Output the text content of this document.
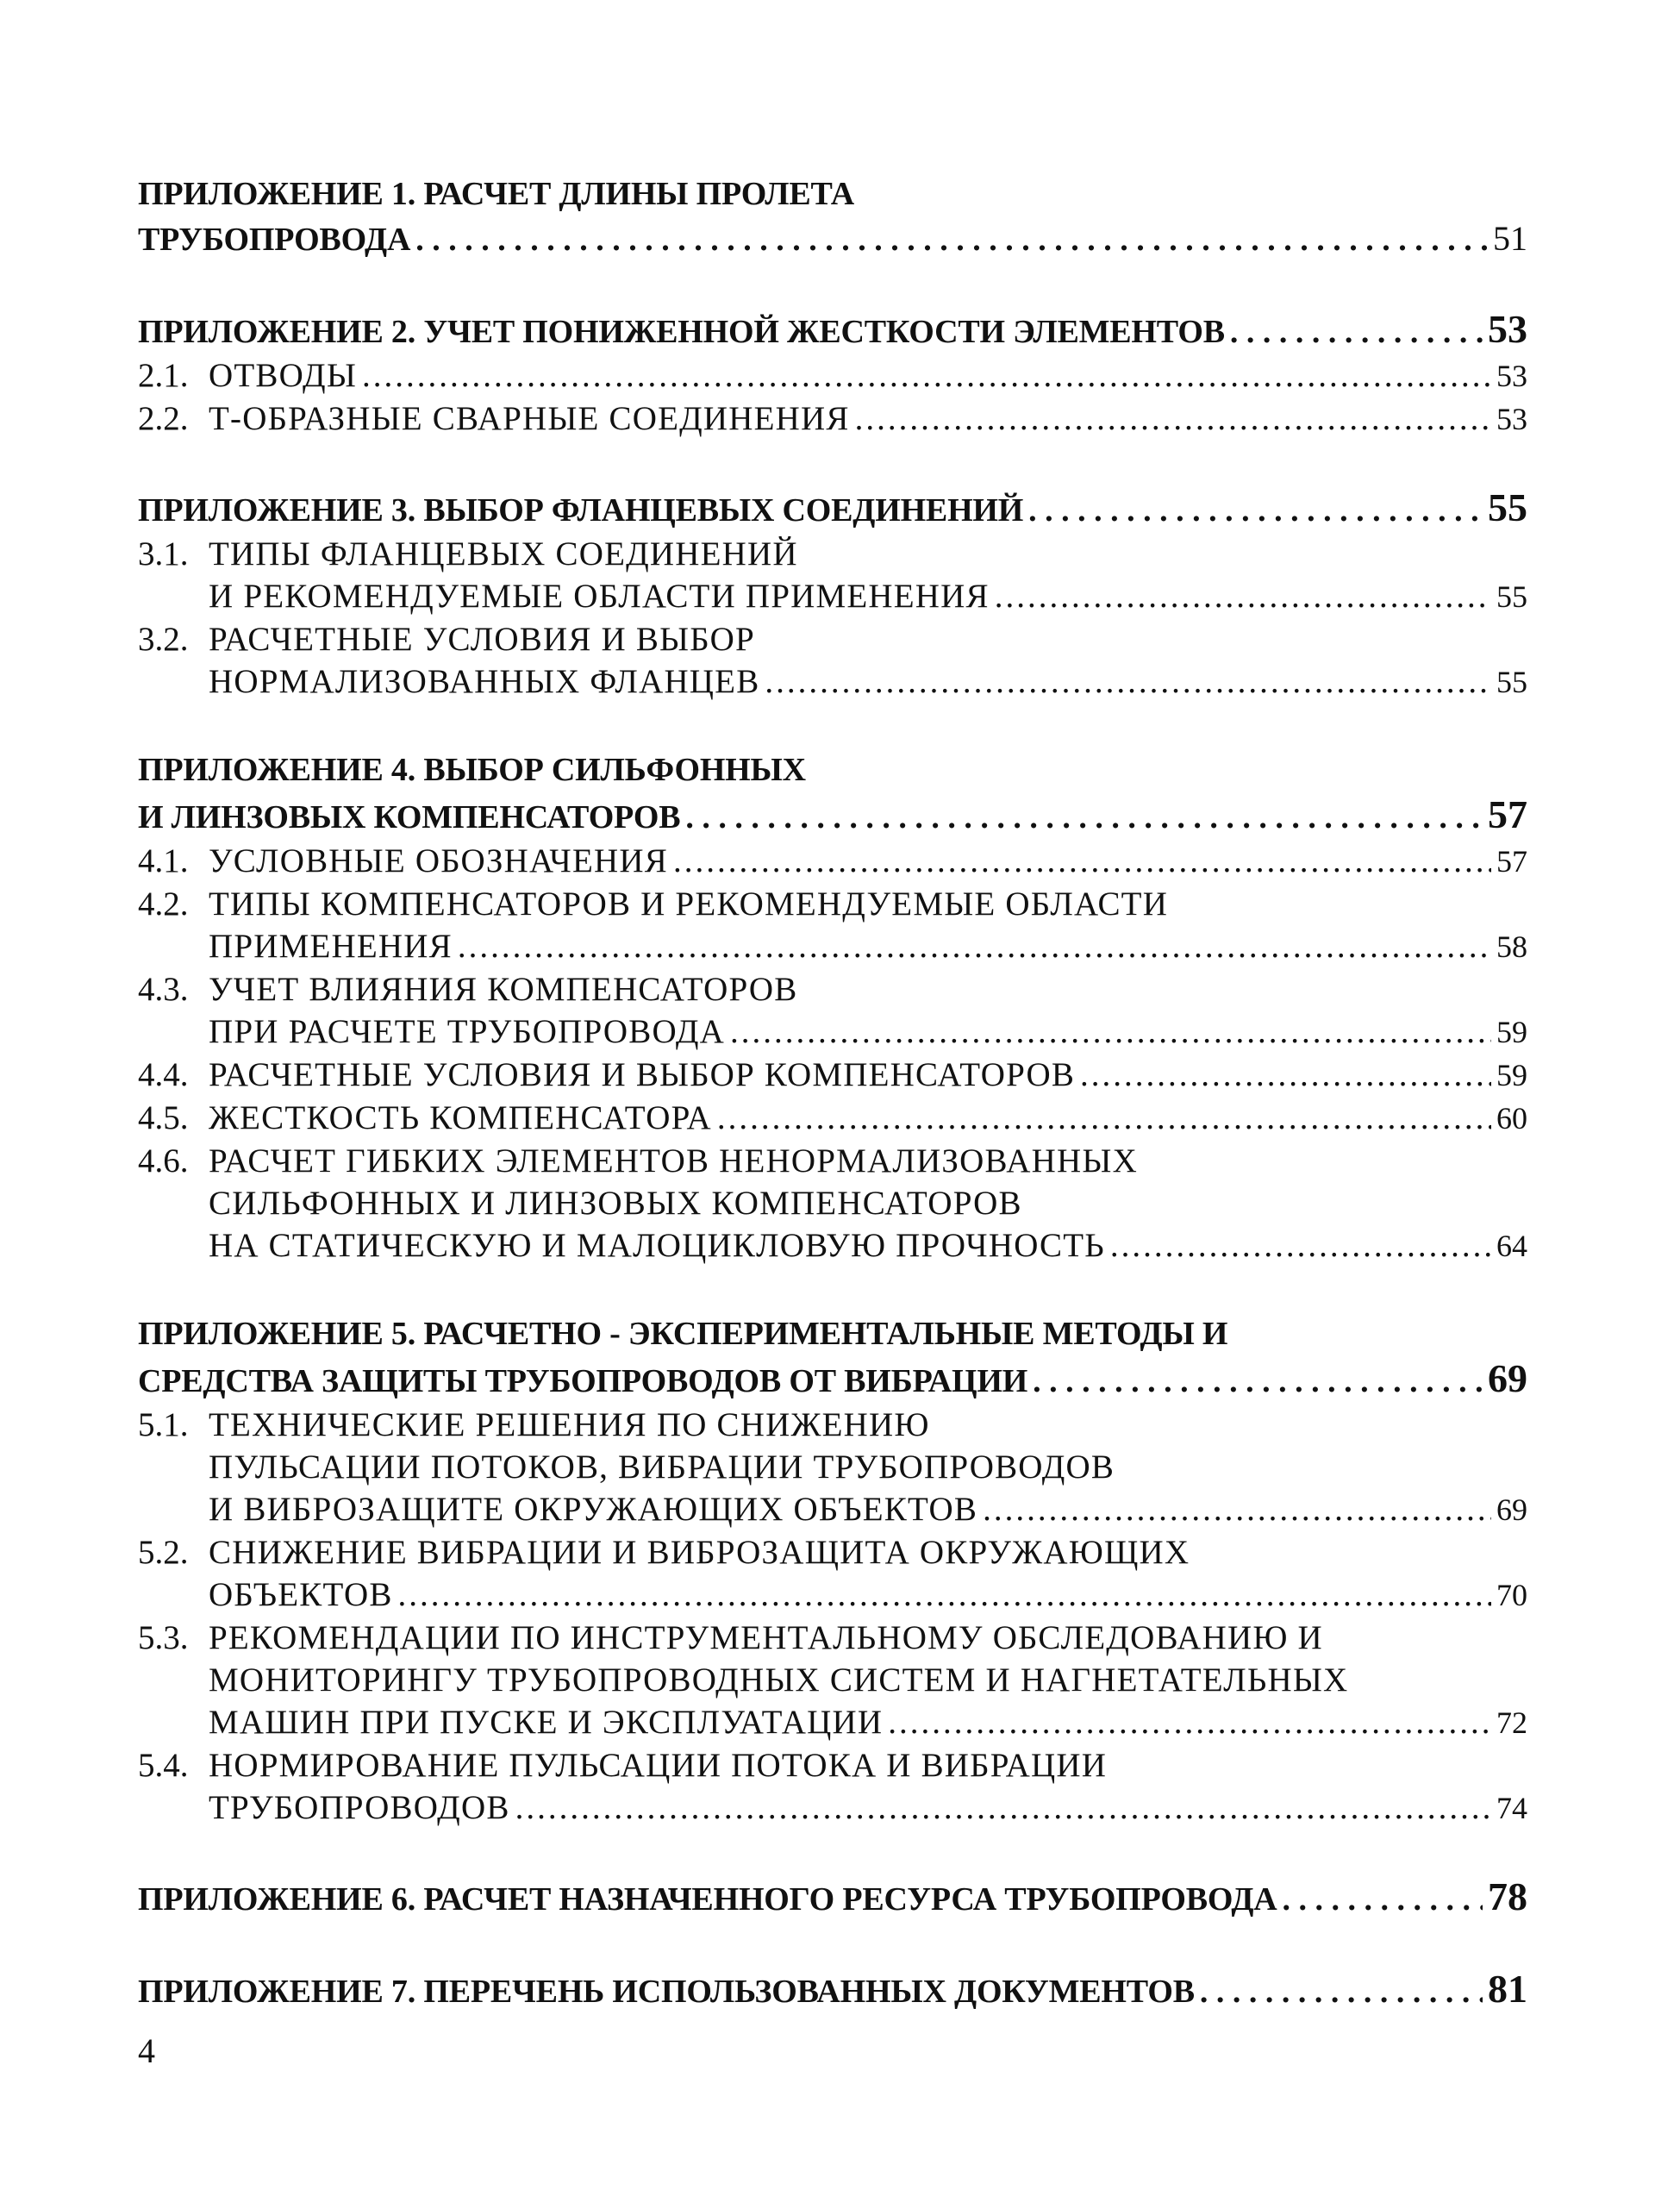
ПРИЛОЖЕНИЕ 1. РАСЧЕТ ДЛИНЫ ПРОЛЕТА
ТРУБОПРОВОДА . . .	51
ПРИЛОЖЕНИЕ 2. УЧЕТ ПОНИЖЕННОЙ ЖЕСТКОСТИ ЭЛЕМЕНТОВ . . .	53
2.1. ОТВОДЫ .....	53
2.2. Т-ОБРАЗНЫЕ СВАРНЫЕ СОЕДИНЕНИЯ .....	53
ПРИЛОЖЕНИЕ 3. ВЫБОР ФЛАНЦЕВЫХ СОЕДИНЕНИЙ . . .	55
3.1. ТИПЫ ФЛАНЦЕВЫХ СОЕДИНЕНИЙ
И РЕКОМЕНДУЕМЫЕ ОБЛАСТИ ПРИМЕНЕНИЯ .....	55
3.2. РАСЧЕТНЫЕ УСЛОВИЯ И ВЫБОР
НОРМАЛИЗОВАННЫХ ФЛАНЦЕВ .....	55
ПРИЛОЖЕНИЕ 4. ВЫБОР СИЛЬФОННЫХ
И ЛИНЗОВЫХ КОМПЕНСАТОРОВ . . .	57
4.1. УСЛОВНЫЕ ОБОЗНАЧЕНИЯ .....	57
4.2. ТИПЫ КОМПЕНСАТОРОВ И РЕКОМЕНДУЕМЫЕ ОБЛАСТИ
ПРИМЕНЕНИЯ .....	58
4.3. УЧЕТ ВЛИЯНИЯ КОМПЕНСАТОРОВ
ПРИ РАСЧЕТЕ ТРУБОПРОВОДА .....	59
4.4. РАСЧЕТНЫЕ УСЛОВИЯ И ВЫБОР КОМПЕНСАТОРОВ .....	59
4.5. ЖЕСТКОСТЬ КОМПЕНСАТОРА .....	60
4.6. РАСЧЕТ ГИБКИХ ЭЛЕМЕНТОВ НЕНОРМАЛИЗОВАННЫХ
СИЛЬФОННЫХ И ЛИНЗОВЫХ КОМПЕНСАТОРОВ
НА СТАТИЧЕСКУЮ И МАЛОЦИКЛОВУЮ ПРОЧНОСТЬ .....	64
ПРИЛОЖЕНИЕ 5. РАСЧЕТНО - ЭКСПЕРИМЕНТАЛЬНЫЕ МЕТОДЫ И
СРЕДСТВА ЗАЩИТЫ ТРУБОПРОВОДОВ ОТ ВИБРАЦИИ . . .	69
5.1. ТЕХНИЧЕСКИЕ РЕШЕНИЯ ПО СНИЖЕНИЮ
ПУЛЬСАЦИИ ПОТОКОВ, ВИБРАЦИИ ТРУБОПРОВОДОВ
И ВИБРОЗАЩИТЕ ОКРУЖАЮЩИХ ОБЪЕКТОВ .....	69
5.2. СНИЖЕНИЕ ВИБРАЦИИ И ВИБРОЗАЩИТА ОКРУЖАЮЩИХ
ОБЪЕКТОВ .....	70
5.3. РЕКОМЕНДАЦИИ ПО ИНСТРУМЕНТАЛЬНОМУ ОБСЛЕДОВАНИЮ И
МОНИТОРИНГУ ТРУБОПРОВОДНЫХ СИСТЕМ И НАГНЕТАТЕЛЬНЫХ
МАШИН ПРИ ПУСКЕ И ЭКСПЛУАТАЦИИ .....	72
5.4. НОРМИРОВАНИЕ ПУЛЬСАЦИИ ПОТОКА И ВИБРАЦИИ
ТРУБОПРОВОДОВ .....	74
ПРИЛОЖЕНИЕ 6. РАСЧЕТ НАЗНАЧЕННОГО РЕСУРСА ТРУБОПРОВОДА . . .	78
ПРИЛОЖЕНИЕ 7. ПЕРЕЧЕНЬ ИСПОЛЬЗОВАННЫХ ДОКУМЕНТОВ . . .	81
4
